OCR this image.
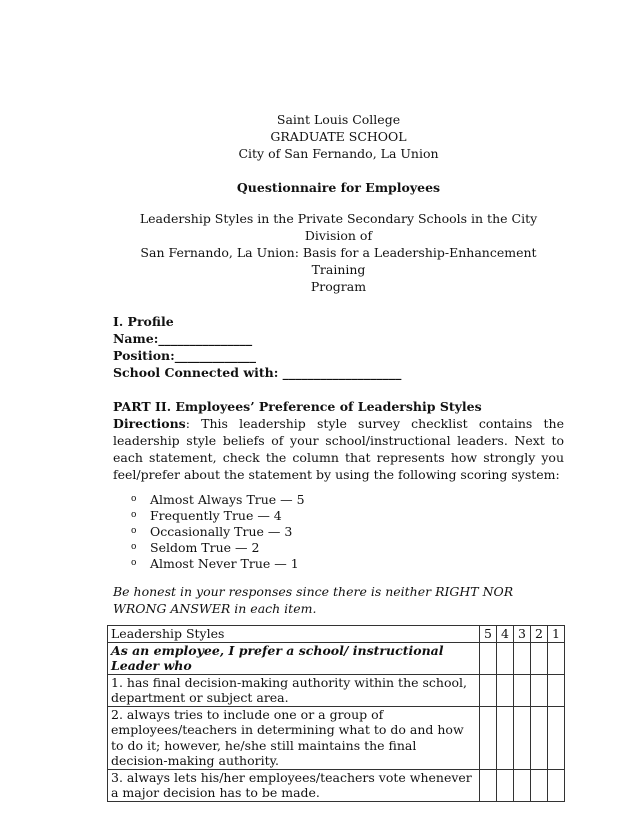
Saint Louis College
GRADUATE SCHOOL
City of San Fernando, La Union
Questionnaire for Employees
Leadership Styles in the Private Secondary Schools in the City Division of
San Fernando, La Union: Basis for a Leadership-Enhancement Training
Program
I. Profile
Name:_______________
Position:_____________
School Connected with: ___________________
PART II. Employees’ Preference of Leadership Styles
Directions: This leadership style survey checklist contains the leadership style beliefs of your school/instructional leaders. Next to each statement, check the column that represents how strongly you feel/prefer about the statement by using the following scoring system:
o	Almost Always True — 5
o	Frequently True — 4
o	Occasionally True — 3
o	Seldom True — 2
o	Almost Never True — 1
Be honest in your responses since there is neither RIGHT NOR WRONG ANSWER in each item.
Leadership Styles	5	4	3	2	1
As an employee, I prefer a school/ instructional Leader who					
1. has final decision-making authority within the school, department or subject area.					
2. always tries to include one or a group of employees/teachers in determining what to do and how to do it; however, he/she still maintains the final decision-making authority.					
3. always lets his/her employees/teachers vote whenever a major decision has to be made.					
